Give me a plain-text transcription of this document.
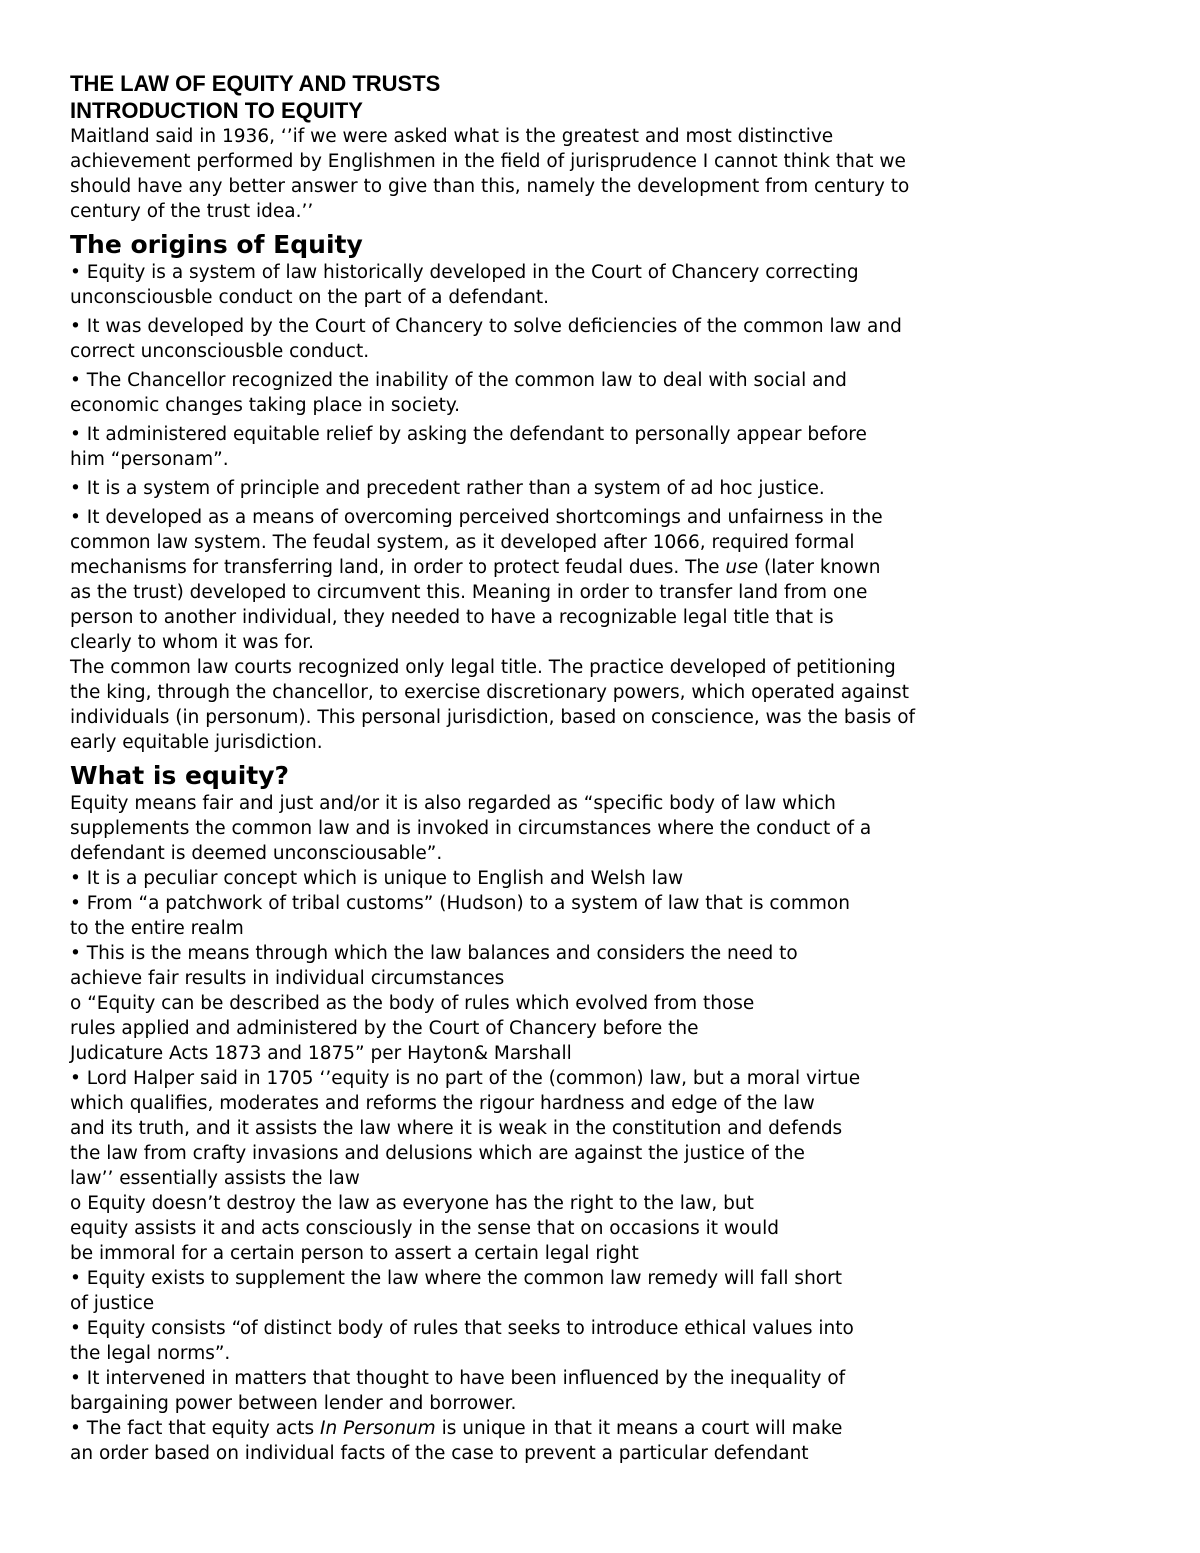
THE LAW OF EQUITY AND TRUSTS
INTRODUCTION TO EQUITY
Maitland said in 1936, ‘’if we were asked what is the greatest and most distinctive
achievement performed by Englishmen in the field of jurisprudence I cannot think that we
should have any better answer to give than this, namely the development from century to
century of the trust idea.’’
The origins of Equity
• Equity is a system of law historically developed in the Court of Chancery correcting
unconsciousble conduct on the part of a defendant.
• It was developed by the Court of Chancery to solve deficiencies of the common law and
correct unconsciousble conduct.
• The Chancellor recognized the inability of the common law to deal with social and
economic changes taking place in society.
• It administered equitable relief by asking the defendant to personally appear before
him “personam”.
• It is a system of principle and precedent rather than a system of ad hoc justice.
• It developed as a means of overcoming perceived shortcomings and unfairness in the
common law system. The feudal system, as it developed after 1066, required formal
mechanisms for transferring land, in order to protect feudal dues. The use (later known
as the trust) developed to circumvent this. Meaning in order to transfer land from one
person to another individual, they needed to have a recognizable legal title that is
clearly to whom it was for.
The common law courts recognized only legal title. The practice developed of petitioning
the king, through the chancellor, to exercise discretionary powers, which operated against
individuals (in personum). This personal jurisdiction, based on conscience, was the basis of
early equitable jurisdiction.
What is equity?
Equity means fair and just and/or it is also regarded as “specific body of law which
supplements the common law and is invoked in circumstances where the conduct of a
defendant is deemed unconsciousable”.
• It is a peculiar concept which is unique to English and Welsh law
• From “a patchwork of tribal customs” (Hudson) to a system of law that is common
to the entire realm
• This is the means through which the law balances and considers the need to
achieve fair results in individual circumstances
o “Equity can be described as the body of rules which evolved from those
rules applied and administered by the Court of Chancery before the
Judicature Acts 1873 and 1875” per Hayton& Marshall
• Lord Halper said in 1705 ‘’equity is no part of the (common) law, but a moral virtue
which qualifies, moderates and reforms the rigour hardness and edge of the law
and its truth, and it assists the law where it is weak in the constitution and defends
the law from crafty invasions and delusions which are against the justice of the
law’’ essentially assists the law
o Equity doesn’t destroy the law as everyone has the right to the law, but
equity assists it and acts consciously in the sense that on occasions it would
be immoral for a certain person to assert a certain legal right
• Equity exists to supplement the law where the common law remedy will fall short
of justice
• Equity consists “of distinct body of rules that seeks to introduce ethical values into
the legal norms”.
• It intervened in matters that thought to have been influenced by the inequality of
bargaining power between lender and borrower.
• The fact that equity acts In Personum is unique in that it means a court will make
an order based on individual facts of the case to prevent a particular defendant
